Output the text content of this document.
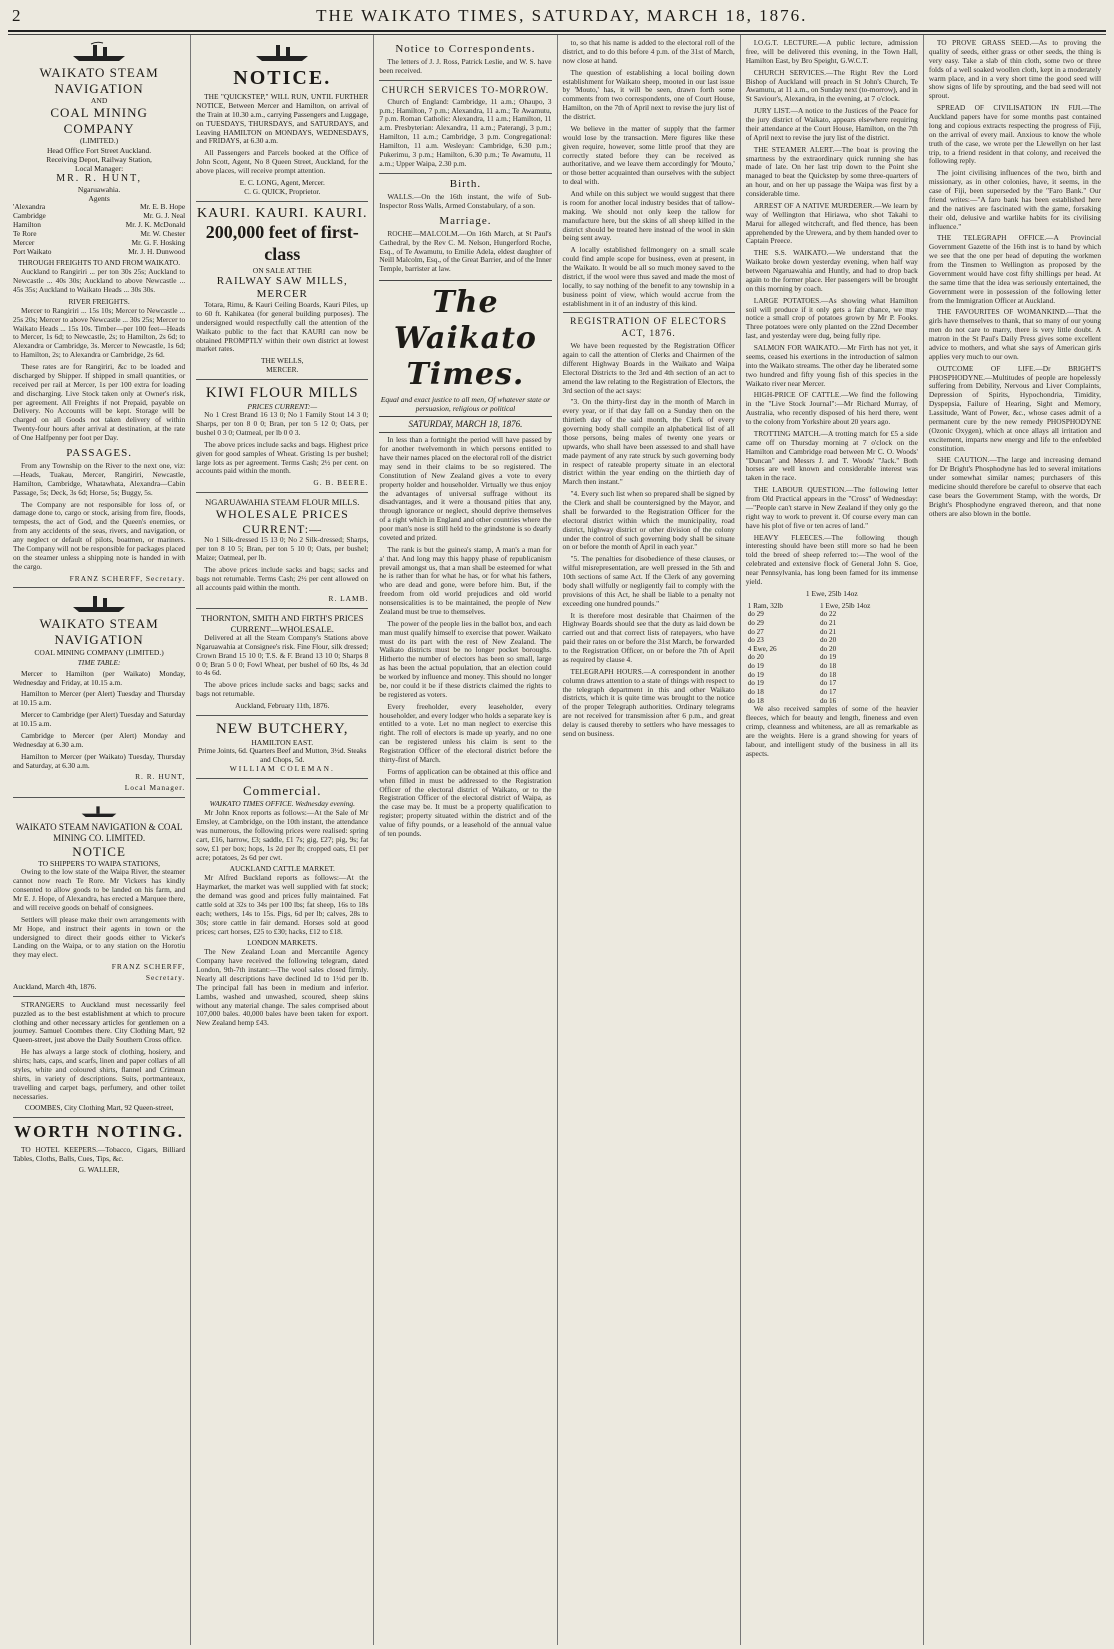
2	THE WAIKATO TIMES, SATURDAY, MARCH 18, 1876.
WAIKATO STEAM NAVIGATION
AND
COAL MINING COMPANY
(LIMITED.)
Head Office Fort Street Auckland.
Receiving Depot, Railway Station,
Local Manager:
MR. R. HUNT,
Ngaruawahia.
Agents
'Alexandra	Mr. E. B. Hope
Cambridge	Mr. G. J. Neal
Hamilton	Mr. J. K. McDonald
Te Rore	Mr. W. Chester
Mercer	Mr. G. F. Hosking
Port Waikato	Mr. J. H. Dunwood
THROUGH FREIGHTS TO AND FROM WAIKATO.

Auckland to Rangiriri ... per ton 30s 25s; Auckland to Newcastle ... 40s 30s; Auckland to above Newcastle ... 45s 35s; Auckland to Waikato Heads ... 30s 30s.

RIVER FREIGHTS.

Mercer to Rangiriri ... 15s 10s; Mercer to Newcastle ... 25s 20s; Mercer to above Newcastle ... 30s 25s; Mercer to Waikato Heads ... 15s 10s. Timber—per 100 feet—Heads to Mercer, 1s 6d; to Newcastle, 2s; to Hamilton, 2s 6d; to Alexandra or Cambridge, 3s. Mercer to Newcastle, 1s 6d; to Hamilton, 2s; to Alexandra or Cambridge, 2s 6d.

These rates are for Rangiriri, &c to be loaded and discharged by Shipper. If shipped in small quantities, or received per rail at Mercer, 1s per 100 extra for loading and discharging. Live Stock taken only at Owner's risk, per agreement. All Freights if not Prepaid, payable on Delivery. No Accounts will be kept. Storage will be charged on all Goods not taken delivery of within Twenty-four hours after arrival at destination, at the rate of One Halfpenny per foot per Day.

PASSAGES.

From any Township on the River to the next one, viz:—Heads, Tuakau, Mercer, Rangiriri, Newcastle, Hamilton, Cambridge, Whatawhata, Alexandra—Cabin Passage, 5s; Deck, 3s 6d; Horse, 5s; Buggy, 5s.

The Company are not responsible for loss of, or damage done to, cargo or stock, arising from fire, floods, tempests, the act of God, and the Queen's enemies, or from any accidents of the seas, rivers, and navigation, or any neglect or default of pilots, boatmen, or mariners. The Company will not be responsible for packages placed on the steamer unless a shipping note is handed in with the cargo.

FRANZ SCHERFF, Secretary.
WAIKATO STEAM NAVIGATION
COAL MINING COMPANY (LIMITED.)
TIME TABLE:

Mercer to Hamilton (per Waikato) Monday, Wednesday and Friday, at 10.15 a.m.

Hamilton to Mercer (per Alert) Tuesday and Thursday at 10.15 a.m.

Mercer to Cambridge (per Alert) Tuesday and Saturday at 10.15 a.m.

Cambridge to Mercer (per Alert) Monday and Wednesday at 6.30 a.m.

Hamilton to Mercer (per Waikato) Tuesday, Thursday and Saturday, at 6.30 a.m.

R. R. HUNT,
Local Manager.
WAIKATO STEAM NAVIGATION & COAL MINING CO. LIMITED.
NOTICE
TO SHIPPERS TO WAIPA STATIONS,

Owing to the low state of the Waipa River, the steamer cannot now reach Te Rore. Mr Vickers has kindly consented to allow goods to be landed on his farm, and Mr E. J. Hope, of Alexandra, has erected a Marquee there, and will receive goods on behalf of consignees.

Settlers will please make their own arrangements with Mr Hope, and instruct their agents in town or the undersigned to direct their goods either to Vicker's Landing on the Waipa, or to any station on the Horotiu they may elect.

FRANZ SCHERFF,
Secretary.
Auckland, March 4th, 1876.

STRANGERS to Auckland must necessarily feel puzzled as to the best establishment at which to procure clothing and other necessary articles for gentlemen on a journey. Samuel Coombes there. City Clothing Mart, 92 Queen-street, just above the Daily Southern Cross office.

He has always a large stock of clothing, hosiery, and shirts; hats, caps, and scarfs, linen and paper collars of all styles, white and coloured shirts, flannel and Crimean shirts, in variety of descriptions. Suits, portmanteaux, travelling and carpet bags, perfumery, and other toilet necessaries.

COOMBES, City Clothing Mart, 92 Queen-street,
WORTH NOTING.

TO HOTEL KEEPERS.—Tobacco, Cigars, Billiard Tables, Cloths, Balls, Cues, Tips, &c.

G. WALLER,
NOTICE.

THE "QUICKSTEP," WILL RUN, UNTIL FURTHER NOTICE, Between Mercer and Hamilton, on arrival of the Train at 10.30 a.m., carrying Passengers and Luggage, on TUESDAYS, THURSDAYS, and SATURDAYS, and Leaving HAMILTON on MONDAYS, WEDNESDAYS, and FRIDAYS, at 6.30 a.m.

All Passengers and Parcels booked at the Office of John Scott, Agent, No 8 Queen Street, Auckland, for the above places, will receive prompt attention.

E. C. LONG, Agent, Mercer.
C. G. QUICK, Proprietor.
KAURI. KAURI. KAURI.
200,000 feet of first-class
ON SALE AT THE
RAILWAY SAW MILLS, MERCER

Totara, Rimu, & Kauri Ceiling Boards, Kauri Piles, up to 60 ft. Kahikatea (for general building purposes). The undersigned would respectfully call the attention of the Waikato public to the fact that KAURI can now be obtained PROMPTLY within their own district at lowest market rates.

THE WELLS,
MERCER.
KIWI FLOUR MILLS
PRICES CURRENT:—

No 1 Crest Brand 16 13 0; No 1 Family Stout 14 3 0; Sharps, per ton 8 0 0; Bran, per ton 5 12 0; Oats, per bushel 0 3 0; Oatmeal, per lb 0 0 3.

The above prices include sacks and bags. Highest price given for good samples of Wheat. Gristing 1s per bushel; large lots as per agreement. Terms Cash; 2½ per cent. on accounts paid within the month.

G. B. BEERE.
NGARUAWAHIA STEAM FLOUR MILLS.
WHOLESALE PRICES CURRENT:—

No 1 Silk-dressed 15 13 0; No 2 Silk-dressed; Sharps, per ton 8 10 5; Bran, per ton 5 10 0; Oats, per bushel; Maize; Oatmeal, per lb.

The above prices include sacks and bags; sacks and bags not returnable. Terms Cash; 2½ per cent allowed on all accounts paid within the month.

R. LAMB.
THORNTON, SMITH AND FIRTH'S PRICES CURRENT—WHOLESALE.

Delivered at all the Steam Company's Stations above Ngaruawahia at Consignee's risk. Fine Flour, silk dressed; Crown Brand 15 10 0; T.S. & F. Brand 13 10 0; Sharps 8 0 0; Bran 5 0 0; Fowl Wheat, per bushel of 60 lbs, 4s 3d to 4s 6d.

The above prices include sacks and bags; sacks and bags not returnable.

Auckland, February 11th, 1876.
NEW BUTCHERY,
HAMILTON EAST.
Prime Joints, 6d. Quarters Beef and Mutton, 3½d. Steaks and Chops, 5d.
WILLIAM COLEMAN.
Commercial.
WAIKATO TIMES OFFICE. Wednesday evening.

Mr John Knox reports as follows:—At the Sale of Mr Emsley, at Cambridge, on the 10th instant, the attendance was numerous, the following prices were realised: spring cart, £16, harrow, £3; saddle, £1 7s; gig, £27; pig, 9s; fat sow, £1 per box; hops, 1s 2d per lb; cropped oats, £1 per acre; potatoes, 2s 6d per cwt.

AUCKLAND CATTLE MARKET.

Mr Alfred Buckland reports as follows:—At the Haymarket, the market was well supplied with fat stock; the demand was good and prices fully maintained. Fat cattle sold at 32s to 34s per 100 lbs; fat sheep, 16s to 18s each; wethers, 14s to 15s. Pigs, 6d per lb; calves, 28s to 30s; store cattle in fair demand. Horses sold at good prices; cart horses, £25 to £30; hacks, £12 to £18.

LONDON MARKETS.

The New Zealand Loan and Mercantile Agency Company have received the following telegram, dated London, 9th-7th instant:—The wool sales closed firmly. Nearly all descriptions have declined 1d to 1½d per lb. The principal fall has been in medium and inferior. Lambs, washed and unwashed, scoured, sheep skins without any material change. The sales comprised about 107,000 bales. 40,000 bales have been taken for export. New Zealand hemp £43.

Notice to Correspondents.

The letters of J. J. Ross, Patrick Leslie, and W. S. have been received.

CHURCH SERVICES TO-MORROW.

Church of England: Cambridge, 11 a.m.; Ohaupo, 3 p.m.; Hamilton, 7 p.m.; Alexandra, 11 a.m.; Te Awamutu, 7 p.m. Roman Catholic: Alexandra, 11 a.m.; Hamilton, 11 a.m. Presbyterian: Alexandra, 11 a.m.; Paterangi, 3 p.m.; Hamilton, 11 a.m.; Cambridge, 3 p.m. Congregational: Hamilton, 11 a.m. Wesleyan: Cambridge, 6.30 p.m.; Pukerimu, 3 p.m.; Hamilton, 6.30 p.m.; Te Awamutu, 11 a.m.; Upper Waipa, 2.30 p.m.

Birth.

WALLS.—On the 16th instant, the wife of Sub-Inspector Ross Walls, Armed Constabulary, of a son.

Marriage.

ROCHE—MALCOLM.—On 16th March, at St Paul's Cathedral, by the Rev C. M. Nelson, Hungerford Roche, Esq., of Te Awamutu, to Emilie Adela, eldest daughter of Neill Malcolm, Esq., of the Great Barrier, and of the Inner Temple, barrister at law.

The Waikato Times.
Equal and exact justice to all men, Of whatever state or persuasion, religious or political
SATURDAY, MARCH 18, 1876.

In less than a fortnight the period will have passed by for another twelvemonth in which persons entitled to have their names placed on the electoral roll of the district may send in their claims to be so registered. The Constitution of New Zealand gives a vote to every property holder and householder. Virtually we thus enjoy the advantages of universal suffrage without its disadvantages, and it were a thousand pities that any, through ignorance or neglect, should deprive themselves of a right which in England and other countries where the poor man's nose is still held to the grindstone is so dearly coveted and prized.

The rank is but the guinea's stamp, A man's a man for a' that. And long may this happy phase of republicanism prevail amongst us, that a man shall be esteemed for what he is rather than for what he has, or for what his fathers, who are dead and gone, were before him. But, if the freedom from old world prejudices and old world nonsensicalities is to be maintained, the people of New Zealand must be true to themselves.

The power of the people lies in the ballot box, and each man must qualify himself to exercise that power. Waikato must do its part with the rest of New Zealand. The Waikato districts must be no longer pocket boroughs. Hitherto the number of electors has been so small, large as has been the actual population, that an election could be worked by influence and money. This should no longer be, nor could it be if these districts claimed the rights to be registered as voters.

Every freeholder, every leaseholder, every householder, and every lodger who holds a separate key is entitled to a vote. Let no man neglect to exercise this right. The roll of electors is made up yearly, and no one can be registered unless his claim is sent to the Registration Officer of the electoral district before the thirty-first of March.

Forms of application can be obtained at this office and when filled in must be addressed to the Registration Officer of the electoral district of Waikato, or to the Registration Officer of the electoral district of Waipa, as the case may be. It must be a property qualification to register; property situated within the district and of the value of fifty pounds, or a leasehold of the annual value of ten pounds.

to, so that his name is added to the electoral roll of the district, and to do this before 4 p.m. of the 31st of March, now close at hand.

The question of establishing a local boiling down establishment for Waikato sheep, mooted in our last issue by 'Mouto,' has, it will be seen, drawn forth some comments from two correspondents, one of Court House, Hamilton, on the 7th of April next to revise the jury list of the district.

We believe in the matter of supply that the farmer would lose by the transaction. Mere figures like these given require, however, some little proof that they are correctly stated before they can be received as authoritative, and we leave them accordingly for 'Mouto,' or those better acquainted than ourselves with the subject to deal with.

And while on this subject we would suggest that there is room for another local industry besides that of tallow-making. We should not only keep the tallow for manufacture here, but the skins of all sheep killed in the district should be treated here instead of the wool in skin being sent away.

A locally established fellmongery on a small scale could find ample scope for business, even at present, in the Waikato. It would be all so much money saved to the district, if the wool were thus saved and made the most of locally, to say nothing of the benefit to any township in a business point of view, which would accrue from the establishment in it of an industry of this kind.

REGISTRATION OF ELECTORS ACT, 1876.

We have been requested by the Registration Officer again to call the attention of Clerks and Chairmen of the different Highway Boards in the Waikato and Waipa Electoral Districts to the 3rd and 4th section of an act to amend the law relating to the Registration of Electors, the 3rd section of the act says:

"3. On the thirty-first day in the month of March in every year, or if that day fall on a Sunday then on the thirtieth day of the said month, the Clerk of every governing body shall compile an alphabetical list of all those persons, being males of twenty one years or upwards, who shall have been assessed to and shall have made payment of any rate struck by such governing body in respect of rateable property situate in an electoral district within the year ending on the thirtieth day of March then instant."

"4. Every such list when so prepared shall be signed by the Clerk and shall be countersigned by the Mayor, and shall be forwarded to the Registration Officer for the electoral district within which the municipality, road district, highway district or other division of the colony under the control of such governing body shall be situate on or before the month of April in each year."

"5. The penalties for disobedience of these clauses, or wilful misrepresentation, are well pressed in the 5th and 10th sections of same Act. If the Clerk of any governing body shall wilfully or negligently fail to comply with the provisions of this Act, he shall be liable to a penalty not exceeding one hundred pounds."

It is therefore most desirable that Chairmen of the Highway Boards should see that the duty as laid down be carried out and that correct lists of ratepayers, who have paid their rates on or before the 31st March, be forwarded to the Registration Officer, on or before the 7th of April as required by clause 4.

TELEGRAPH HOURS.—A correspondent in another column draws attention to a state of things with respect to the telegraph department in this and other Waikato districts, which it is quite time was brought to the notice of the proper Telegraph authorities. Ordinary telegrams are not received for transmission after 6 p.m., and great delay is caused thereby to settlers who have messages to send on business.

I.O.G.T. LECTURE.—A public lecture, admission free, will be delivered this evening, in the Town Hall, Hamilton East, by Bro Speight, G.W.C.T.

CHURCH SERVICES.—The Right Rev the Lord Bishop of Auckland will preach in St John's Church, Te Awamutu, at 11 a.m., on Sunday next (to-morrow), and in St Saviour's, Alexandra, in the evening, at 7 o'clock.

JURY LIST.—A notice to the Justices of the Peace for the jury district of Waikato, appears elsewhere requiring their attendance at the Court House, Hamilton, on the 7th of April next to revise the jury list of the district.

THE STEAMER ALERT.—The boat is proving the smartness by the extraordinary quick running she has made of late. On her last trip down to the Point she managed to beat the Quickstep by some three-quarters of an hour, and on her up passage the Waipa was first by a considerable time.

ARREST OF A NATIVE MURDERER.—We learn by way of Wellington that Hiriawa, who shot Takahi to Marui for alleged witchcraft, and fled thence, has been apprehended by the Urewera, and by them handed over to Captain Preece.

THE S.S. WAIKATO.—We understand that the Waikato broke down yesterday evening, when half way between Ngaruawahia and Huntly, and had to drop back again to the former place. Her passengers will be brought on this morning by coach.

LARGE POTATOES.—As showing what Hamilton soil will produce if it only gets a fair chance, we may notice a small crop of potatoes grown by Mr P. Fooks. Three potatoes were only planted on the 22nd December last, and yesterday were dug, being fully ripe.

SALMON FOR WAIKATO.—Mr Firth has not yet, it seems, ceased his exertions in the introduction of salmon into the Waikato streams. The other day he liberated some two hundred and fifty young fish of this species in the Waikato river near Mercer.

HIGH-PRICE OF CATTLE.—We find the following in the "Live Stock Journal":—Mr Richard Murray, of Australia, who recently disposed of his herd there, went to the colony from Yorkshire about 20 years ago.

TROTTING MATCH.—A trotting match for £5 a side came off on Thursday morning at 7 o'clock on the Hamilton and Cambridge road between Mr C. O. Woods' "Duncan" and Messrs J. and T. Woods' "Jack." Both horses are well known and considerable interest was taken in the race.

THE LABOUR QUESTION.—The following letter from Old Practical appears in the "Cross" of Wednesday:—"People can't starve in New Zealand if they only go the right way to work to prevent it. Of course every man can have his plot of five or ten acres of land."

HEAVY FLEECES.—The following though interesting should have been still more so had he been told the breed of sheep referred to:—The wool of the celebrated and extensive flock of General John S. Goe, near Pennsylvania, has long been famed for its immense yield.

1 Ewe, 25lb 14oz
1 Ram, 32lb	1 Ewe, 25lb 14oz
do 29	do 22
do 29	do 21
do 27	do 21
do 23	do 20
4 Ewe, 26	do 20
do 20	do 19
do 19	do 18
do 19	do 18
do 19	do 17
do 18	do 17
do 18	do 16

We also received samples of some of the heavier fleeces, which for beauty and length, fineness and even crimp, cleanness and whiteness, are all as remarkable as are the weights. Here is a grand showing for years of labour, and intelligent study of the business in all its aspects.

TO PROVE GRASS SEED.—As to proving the quality of seeds, either grass or other seeds, the thing is very easy. Take a slab of thin cloth, some two or three folds of a well soaked woollen cloth, kept in a moderately warm place, and in a very short time the good seed will show signs of life by sprouting, and the bad seed will not sprout.

SPREAD OF CIVILISATION IN FIJI.—The Auckland papers have for some months past contained long and copious extracts respecting the progress of Fiji, on the arrival of every mail. Anxious to know the whole truth of the case, we wrote per the Llewellyn on her last trip, to a friend resident in that colony, and received the following reply.

The joint civilising influences of the two, birth and missionary, as in other colonies, have, it seems, in the case of Fiji, been superseded by the "Faro Bank." Our friend writes:—"A faro bank has been established here and the natives are fascinated with the game, forsaking their old, delusive and warlike habits for its civilising influence."

THE TELEGRAPH OFFICE.—A Provincial Government Gazette of the 16th inst is to hand by which we see that the one per head of deputing the workmen from the Tinsmen to Wellington as proposed by the Government would have cost fifty shillings per head. At the same time that the idea was seriously entertained, the Government were in possession of the following letter from the Immigration Officer at Auckland.

THE FAVOURITES OF WOMANKIND.—That the girls have themselves to thank, that so many of our young men do not care to marry, there is very little doubt. A matron in the St Paul's Daily Press gives some excellent advice to mothers, and what she says of American girls applies very much to our own.

OUTCOME OF LIFE.—Dr BRIGHT'S PHOSPHODYNE.—Multitudes of people are hopelessly suffering from Debility, Nervous and Liver Complaints, Depression of Spirits, Hypochondria, Timidity, Dyspepsia, Failure of Hearing, Sight and Memory, Lassitude, Want of Power, &c., whose cases admit of a permanent cure by the new remedy PHOSPHODYNE (Ozonic Oxygen), which at once allays all irritation and excitement, imparts new energy and life to the enfeebled constitution.

SHE CAUTION.—The large and increasing demand for Dr Bright's Phosphodyne has led to several imitations under somewhat similar names; purchasers of this medicine should therefore be careful to observe that each case bears the Government Stamp, with the words, Dr Bright's Phosphodyne engraved thereon, and that none others are also blown in the bottle.
